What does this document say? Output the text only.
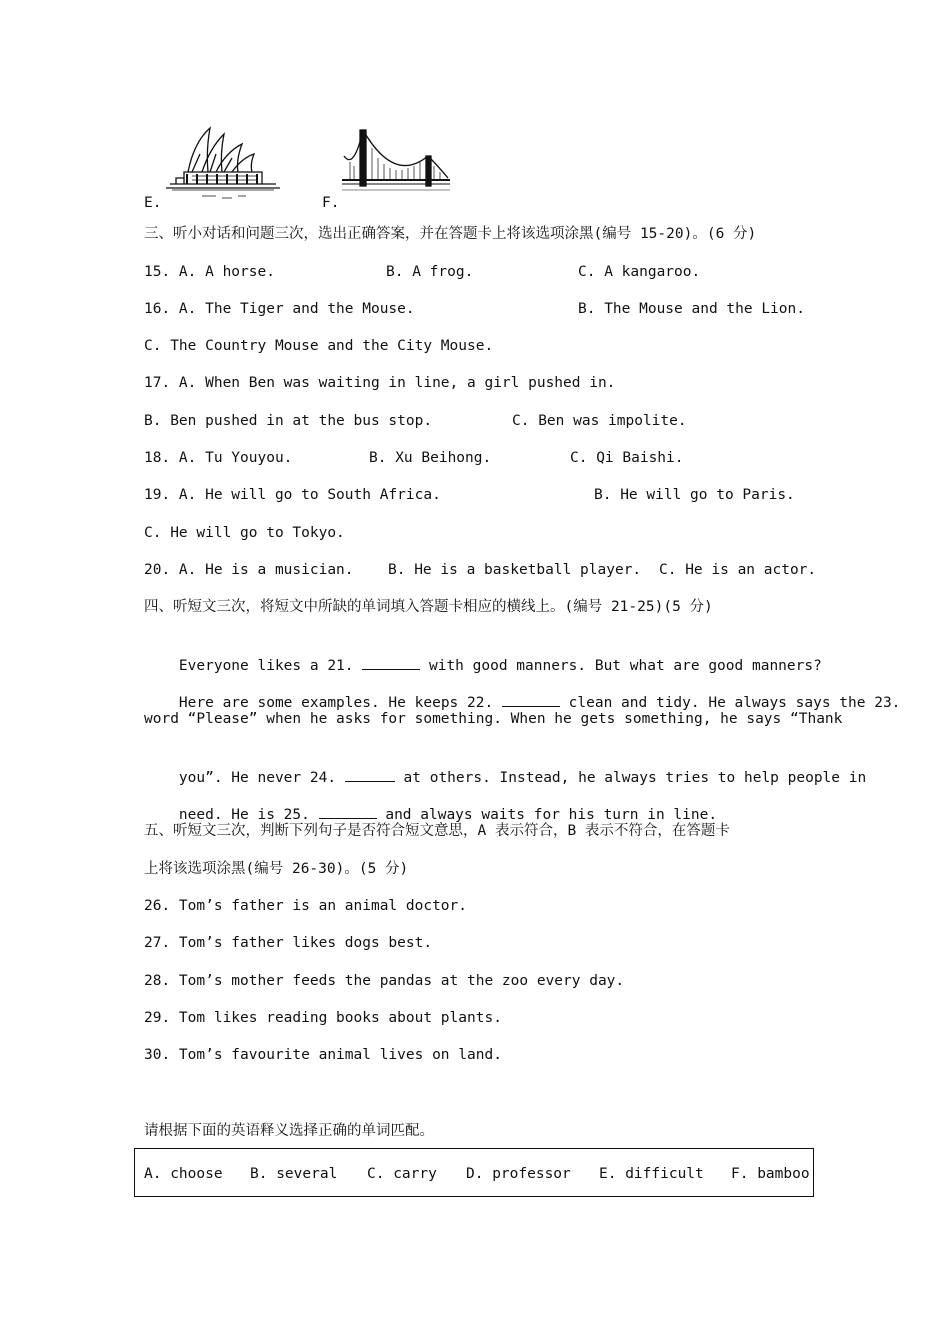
E.	F.
三、听小对话和问题三次，选出正确答案，并在答题卡上将该选项涂黑(编号 15-20)。(6 分)
15. A. A horse.	B. A frog.	C. A kangaroo.
16. A. The Tiger and the Mouse.	B. The Mouse and the Lion.
C. The Country Mouse and the City Mouse.
17. A. When Ben was waiting in line, a girl pushed in.
B. Ben pushed in at the bus stop.	C. Ben was impolite.
18. A. Tu Youyou.	B. Xu Beihong.	C. Qi Baishi.
19. A. He will go to South Africa.	B. He will go to Paris.
C. He will go to Tokyo.
20. A. He is a musician. B. He is a basketball player. C. He is an actor.
四、听短文三次，将短文中所缺的单词填入答题卡相应的横线上。(编号 21-25)(5 分)

Everyone likes a 21.	with good manners. But what are good manners?

Here are some examples. He keeps 22.	clean and tidy. He always says the 23.

word “Please” when he asks for something. When he gets something, he says “Thank

you”. He never 24.	at others. Instead, he always tries to help people in

need. He is 25.	and always waits for his turn in line.

五、听短文三次，判断下列句子是否符合短文意思，A 表示符合，B 表示不符合，在答题卡
上将该选项涂黑(编号 26-30)。(5 分)
26. Tom’s father is an animal doctor.
27. Tom’s father likes dogs best.
28. Tom’s mother feeds the pandas at the zoo every day.
29. Tom likes reading books about plants.
30. Tom’s favourite animal lives on land.
请根据下面的英语释义选择正确的单词匹配。
A. choose B. several C. carry D. professor E. difficult F. bamboo
